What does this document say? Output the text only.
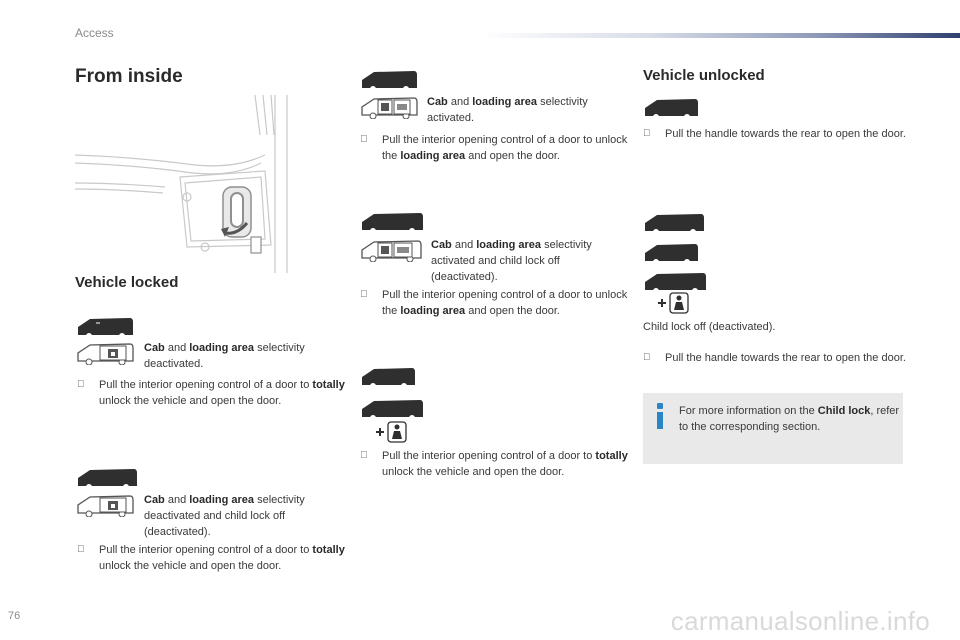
Access
From inside
Vehicle locked

Cab and loading area selectivity deactivated.

Pull the interior opening control of a door to totally unlock the vehicle and open the door.

Cab and loading area selectivity deactivated and child lock off (deactivated).

Pull the interior opening control of a door to totally unlock the vehicle and open the door.

Cab and loading area selectivity activated.

Pull the interior opening control of a door to unlock the loading area and open the door.

Cab and loading area selectivity activated and child lock off (deactivated).

Pull the interior opening control of a door to unlock the loading area and open the door.

Pull the interior opening control of a door to totally unlock the vehicle and open the door.

Vehicle unlocked

Pull the handle towards the rear to open the door.

Child lock off (deactivated).

Pull the handle towards the rear to open the door.

For more information on the Child lock, refer to the corresponding section.

76	carmanualsonline.info
